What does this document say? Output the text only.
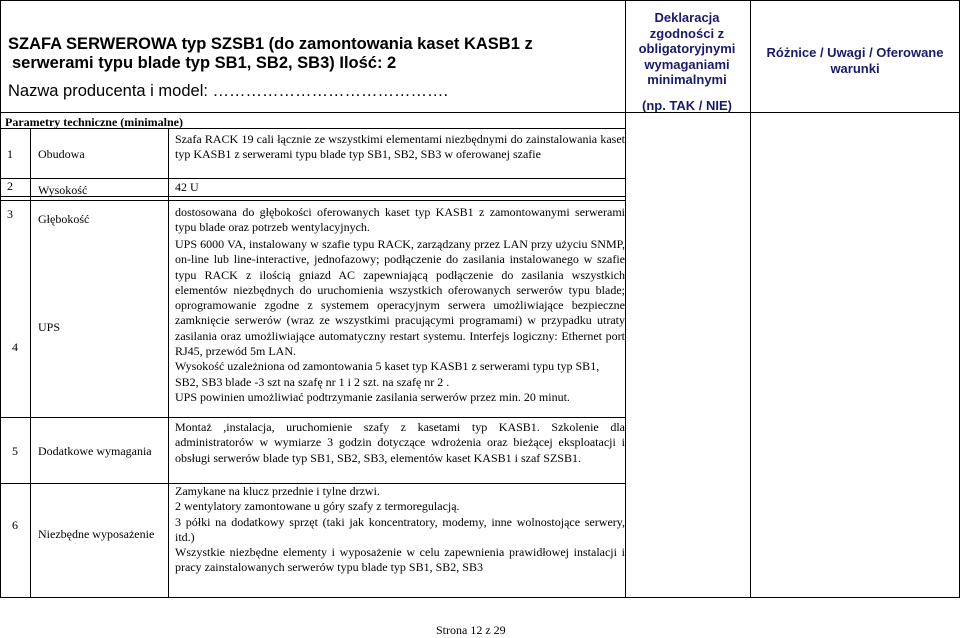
SZAFA SERWEROWA typ SZSB1 (do zamontowania kaset KASB1 z
serwerami typu blade typ SB1, SB2, SB3) Ilość: 2
Nazwa producenta i model: …………………………………….
Deklaracja zgodności z obligatoryjnymi wymaganiami minimalnymi
(np. TAK / NIE)
Różnice / Uwagi / Oferowane warunki
Parametry techniczne (minimalne)
1 Obudowa
Szafa RACK 19 cali łącznie ze wszystkimi elementami niezbędnymi do zainstalowania kaset typ KASB1 z serwerami typu blade typ SB1, SB2, SB3 w oferowanej szafie
2 Wysokość	42 U
3 Głębokość	dostosowana do głębokości oferowanych kaset typ KASB1 z zamontowanymi serwerami typu blade oraz potrzeb wentylacyjnych.
4
UPS
UPS 6000 VA, instalowany w szafie typu RACK, zarządzany przez LAN przy użyciu SNMP, on-line lub line-interactive, jednofazowy; podłączenie do zasilania instalowanego w szafie typu RACK z ilością gniazd AC zapewniającą podłączenie do zasilania wszystkich elementów niezbędnych do uruchomienia wszystkich oferowanych serwerów typu blade; oprogramowanie zgodne z systemem operacyjnym serwera umożliwiające bezpieczne zamknięcie serwerów (wraz ze wszystkimi pracującymi programami) w przypadku utraty zasilania oraz umożliwiające automatyczny restart systemu. Interfejs logiczny: Ethernet port RJ45, przewód 5m LAN.
Wysokość uzależniona od zamontowania 5 kaset typ KASB1 z serwerami typu typ SB1, SB2, SB3 blade -3 szt na szafę nr 1 i 2 szt. na szafę nr 2 .
UPS powinien umożliwiać podtrzymanie zasilania serwerów przez min. 20 minut.
5 Dodatkowe wymagania
Montaż ,instalacja, uruchomienie szafy z kasetami typ KASB1. Szkolenie dla administratorów w wymiarze 3 godzin dotyczące wdrożenia oraz bieżącej eksploatacji i obsługi serwerów blade typ SB1, SB2, SB3, elementów kaset KASB1 i szaf SZSB1.
6
Niezbędne wyposażenie
Zamykane na klucz przednie i tylne drzwi.
2 wentylatory zamontowane u góry szafy z termoregulacją.
3 półki na dodatkowy sprzęt (taki jak koncentratory, modemy, inne wolnostojące serwery, itd.)
Wszystkie niezbędne elementy i wyposażenie w celu zapewnienia prawidłowej instalacji i pracy zainstalowanych serwerów typu blade typ SB1, SB2, SB3
Strona 12 z 29
